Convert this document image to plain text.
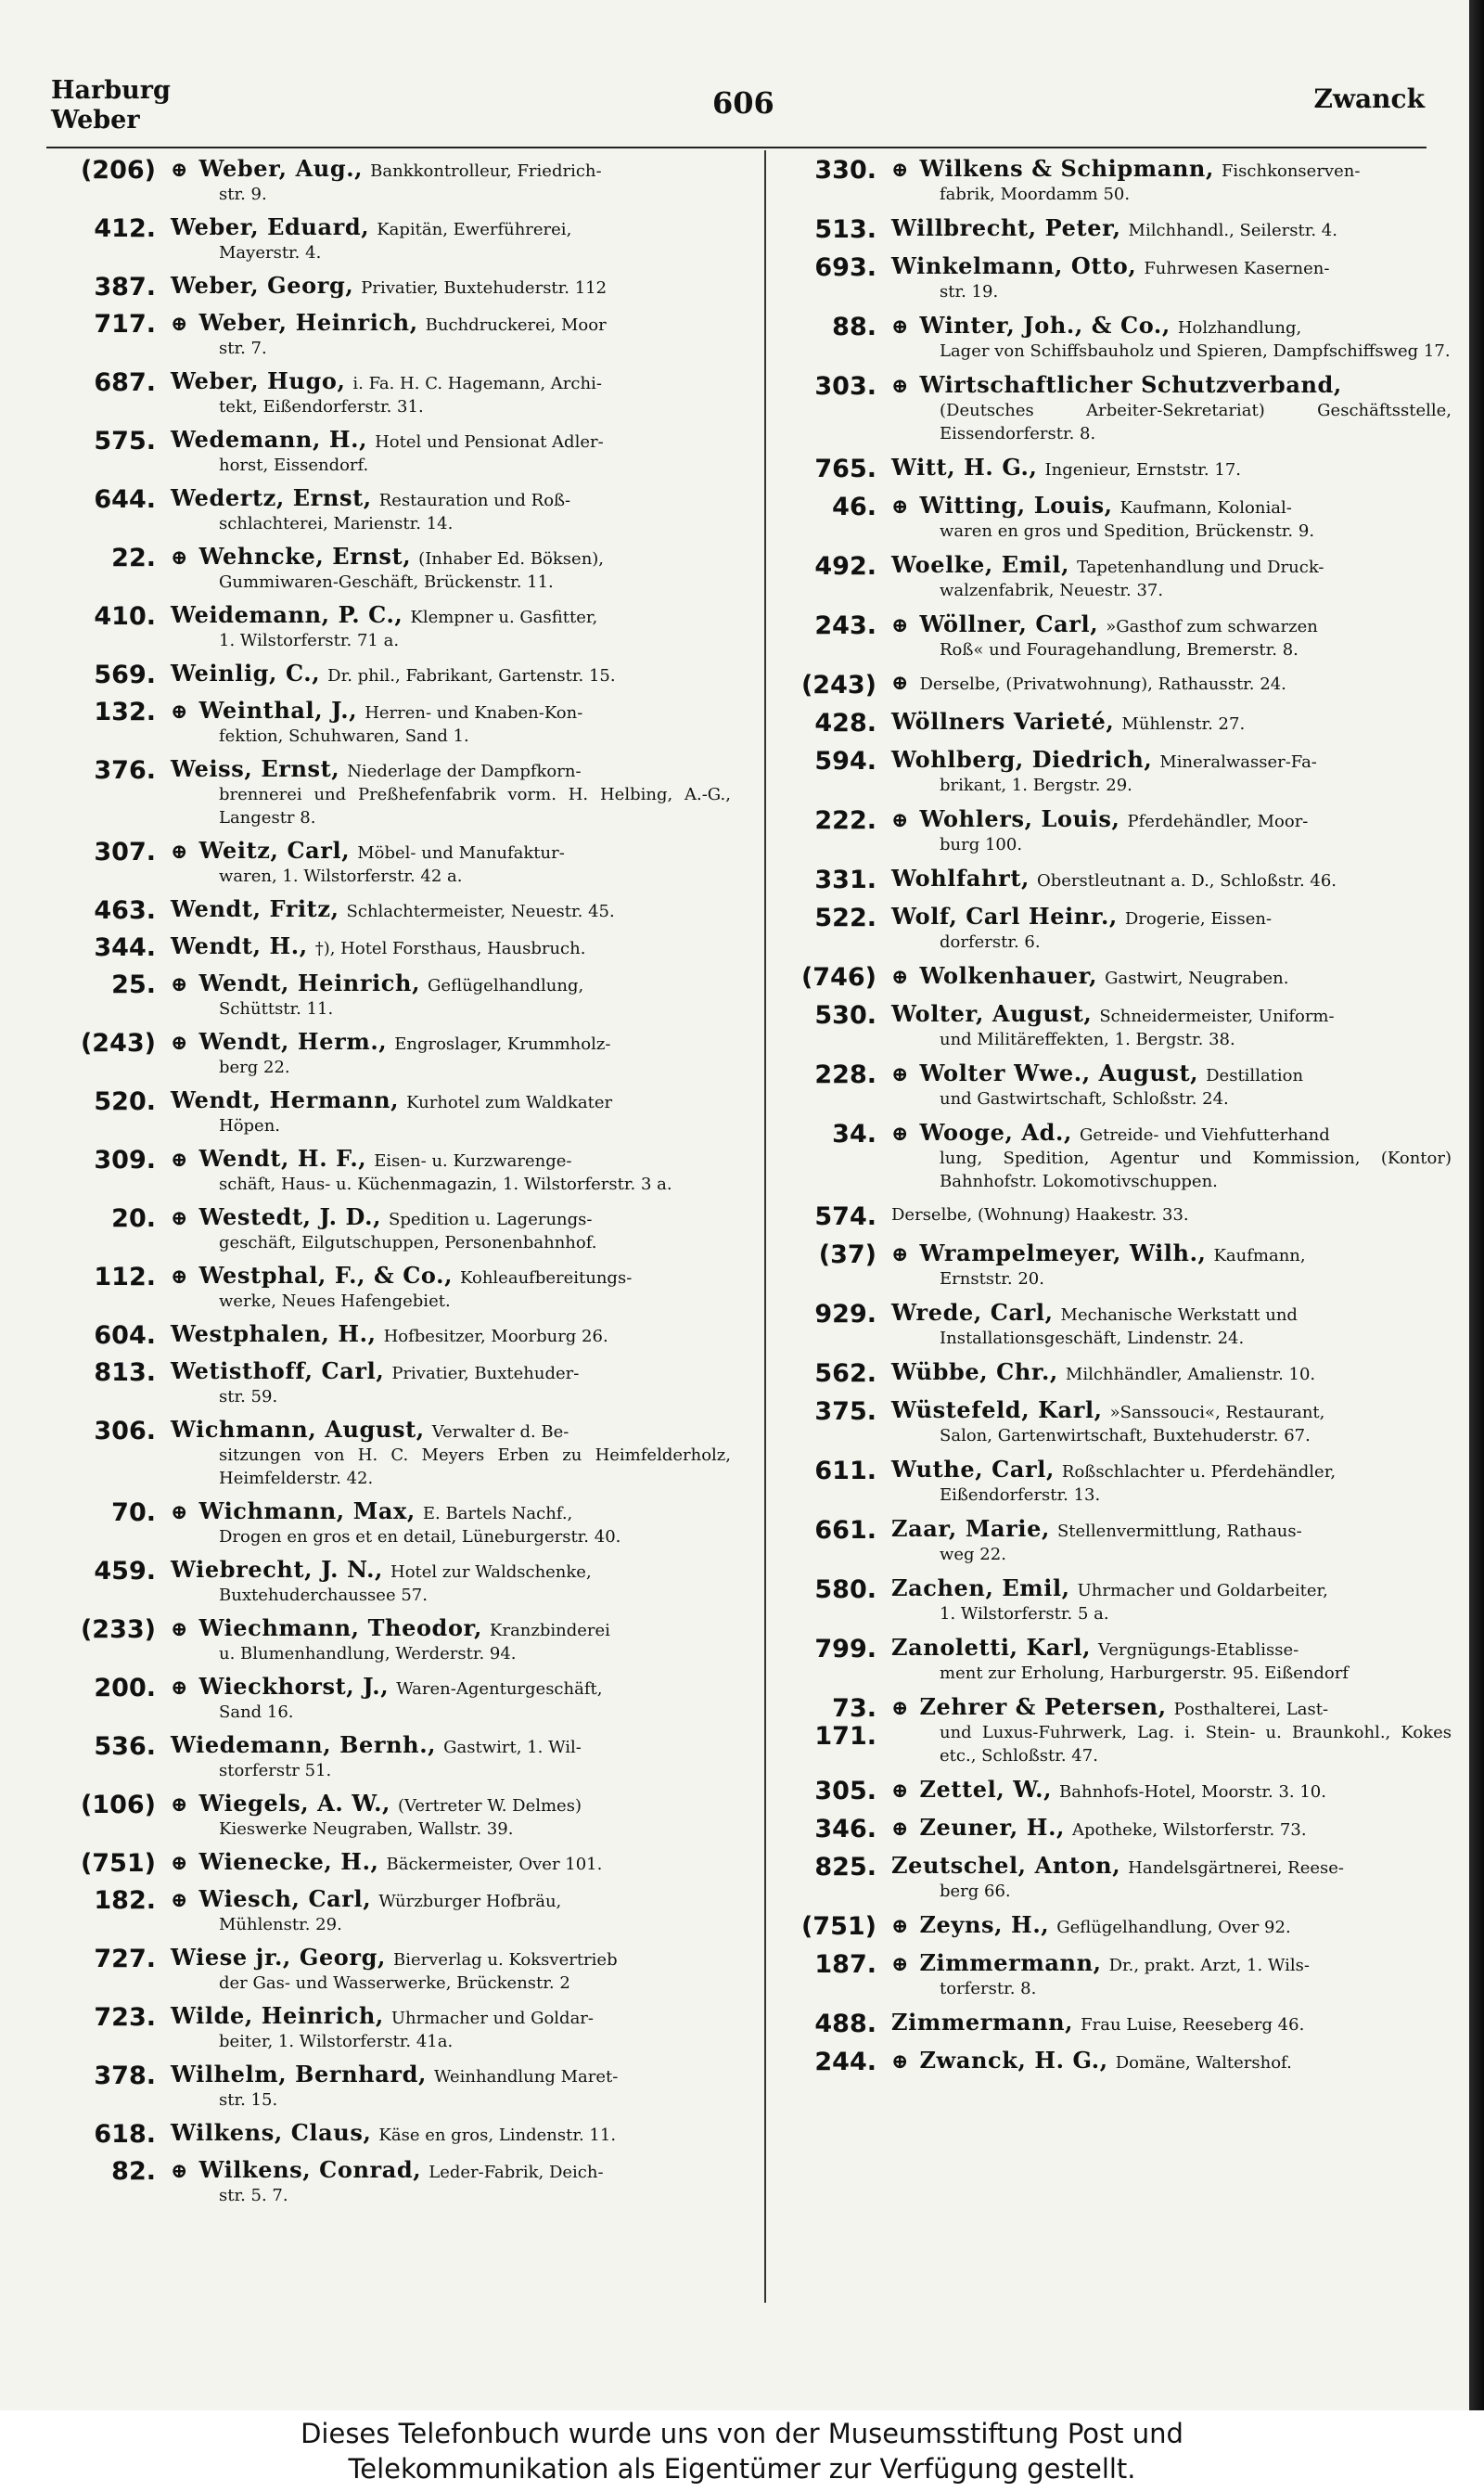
Harburg
Weber	606	Zwanck
(206) ⊕ Weber, Aug., Bankkontrolleur, Friedrich-
str. 9.
412. Weber, Eduard, Kapitän, Ewerführerei,
Mayerstr. 4.
387. Weber, Georg, Privatier, Buxtehuderstr. 112
717. ⊕ Weber, Heinrich, Buchdruckerei, Moor
str. 7.
687. Weber, Hugo, i. Fa. H. C. Hagemann, Archi-
tekt, Eißendorferstr. 31.
575. Wedemann, H., Hotel und Pensionat Adler-
horst, Eissendorf.
644. Wedertz, Ernst, Restauration und Roß-
schlachterei, Marienstr. 14.
22. ⊕ Wehncke, Ernst, (Inhaber Ed. Böksen),
Gummiwaren-Geschäft, Brückenstr. 11.
410. Weidemann, P. C., Klempner u. Gasfitter,
1. Wilstorferstr. 71 a.
569. Weinlig, C., Dr. phil., Fabrikant, Gartenstr. 15.
132. ⊕ Weinthal, J., Herren- und Knaben-Kon-
fektion, Schuhwaren, Sand 1.
376. Weiss, Ernst, Niederlage der Dampfkorn-
brennerei und Preßhefenfabrik vorm. H. Helbing, A.-G., Langestr 8.
307. ⊕ Weitz, Carl, Möbel- und Manufaktur-
waren, 1. Wilstorferstr. 42 a.
463. Wendt, Fritz, Schlachtermeister, Neuestr. 45.
344. Wendt, H., †), Hotel Forsthaus, Hausbruch.
25. ⊕ Wendt, Heinrich, Geflügelhandlung,
Schüttstr. 11.
(243) ⊕ Wendt, Herm., Engroslager, Krummholz-
berg 22.
520. Wendt, Hermann, Kurhotel zum Waldkater
Höpen.
309. ⊕ Wendt, H. F., Eisen- u. Kurzwarenge-
schäft, Haus- u. Küchenmagazin, 1. Wilstorferstr. 3 a.
20. ⊕ Westedt, J. D., Spedition u. Lagerungs-
geschäft, Eilgutschuppen, Personenbahnhof.
112. ⊕ Westphal, F., & Co., Kohleaufbereitungs-
werke, Neues Hafengebiet.
604. Westphalen, H., Hofbesitzer, Moorburg 26.
813. Wetisthoff, Carl, Privatier, Buxtehuder-
str. 59.
306. Wichmann, August, Verwalter d. Be-
sitzungen von H. C. Meyers Erben zu Heimfelderholz, Heimfelderstr. 42.
70. ⊕ Wichmann, Max, E. Bartels Nachf.,
Drogen en gros et en detail, Lüneburgerstr. 40.
459. Wiebrecht, J. N., Hotel zur Waldschenke,
Buxtehuderchaussee 57.
(233) ⊕ Wiechmann, Theodor, Kranzbinderei
u. Blumenhandlung, Werderstr. 94.
200. ⊕ Wieckhorst, J., Waren-Agenturgeschäft,
Sand 16.
536. Wiedemann, Bernh., Gastwirt, 1. Wil-
storferstr 51.
(106) ⊕ Wiegels, A. W., (Vertreter W. Delmes)
Kieswerke Neugraben, Wallstr. 39.
(751) ⊕ Wienecke, H., Bäckermeister, Over 101.
182. ⊕ Wiesch, Carl, Würzburger Hofbräu,
Mühlenstr. 29.
727. Wiese jr., Georg, Bierverlag u. Koksvertrieb
der Gas- und Wasserwerke, Brückenstr. 2
723. Wilde, Heinrich, Uhrmacher und Goldar-
beiter, 1. Wilstorferstr. 41a.
378. Wilhelm, Bernhard, Weinhandlung Maret-
str. 15.
618. Wilkens, Claus, Käse en gros, Lindenstr. 11.
82. ⊕ Wilkens, Conrad, Leder-Fabrik, Deich-
str. 5. 7.
330. ⊕ Wilkens & Schipmann, Fischkonserven-
fabrik, Moordamm 50.
513. Willbrecht, Peter, Milchhandl., Seilerstr. 4.
693. Winkelmann, Otto, Fuhrwesen Kasernen-
str. 19.
88. ⊕ Winter, Joh., & Co., Holzhandlung,
Lager von Schiffsbauholz und Spieren, Dampfschiffsweg 17.
303. ⊕ Wirtschaftlicher Schutzverband,
(Deutsches Arbeiter-Sekretariat) Geschäftsstelle, Eissendorferstr. 8.
765. Witt, H. G., Ingenieur, Ernststr. 17.
46. ⊕ Witting, Louis, Kaufmann, Kolonial-
waren en gros und Spedition, Brückenstr. 9.
492. Woelke, Emil, Tapetenhandlung und Druck-
walzenfabrik, Neuestr. 37.
243. ⊕ Wöllner, Carl, »Gasthof zum schwarzen
Roß« und Fouragehandlung, Bremerstr. 8.
(243) ⊕ Derselbe, (Privatwohnung), Rathausstr. 24.
428. Wöllners Varieté, Mühlenstr. 27.
594. Wohlberg, Diedrich, Mineralwasser-Fa-
brikant, 1. Bergstr. 29.
222. ⊕ Wohlers, Louis, Pferdehändler, Moor-
burg 100.
331. Wohlfahrt, Oberstleutnant a. D., Schloßstr. 46.
522. Wolf, Carl Heinr., Drogerie, Eissen-
dorferstr. 6.
(746) ⊕ Wolkenhauer, Gastwirt, Neugraben.
530. Wolter, August, Schneidermeister, Uniform-
und Militäreffekten, 1. Bergstr. 38.
228. ⊕ Wolter Wwe., August, Destillation
und Gastwirtschaft, Schloßstr. 24.
34. ⊕ Wooge, Ad., Getreide- und Viehfutterhand
lung, Spedition, Agentur und Kommission, (Kontor) Bahnhofstr. Lokomotivschuppen.
574. Derselbe, (Wohnung) Haakestr. 33.
(37) ⊕ Wrampelmeyer, Wilh., Kaufmann,
Ernststr. 20.
929. Wrede, Carl, Mechanische Werkstatt und
Installationsgeschäft, Lindenstr. 24.
562. Wübbe, Chr., Milchhändler, Amalienstr. 10.
375. Wüstefeld, Karl, »Sanssouci«, Restaurant,
Salon, Gartenwirtschaft, Buxtehuderstr. 67.
611. Wuthe, Carl, Roßschlachter u. Pferdehändler,
Eißendorferstr. 13.
661. Zaar, Marie, Stellenvermittlung, Rathaus-
weg 22.
580. Zachen, Emil, Uhrmacher und Goldarbeiter,
1. Wilstorferstr. 5 a.
799. Zanoletti, Karl, Vergnügungs-Etablisse-
ment zur Erholung, Harburgerstr. 95. Eißendorf
73. 171.
⊕ Zehrer & Petersen, Posthalterei, Last-
und Luxus-Fuhrwerk, Lag. i. Stein- u. Braunkohl., Kokes etc., Schloßstr. 47.
305. ⊕ Zettel, W., Bahnhofs-Hotel, Moorstr. 3. 10.
346. ⊕ Zeuner, H., Apotheke, Wilstorferstr. 73.
825. Zeutschel, Anton, Handelsgärtnerei, Reese-
berg 66.
(751) ⊕ Zeyns, H., Geflügelhandlung, Over 92.
187. ⊕ Zimmermann, Dr., prakt. Arzt, 1. Wils-
torferstr. 8.
488. Zimmermann, Frau Luise, Reeseberg 46.
244. ⊕ Zwanck, H. G., Domäne, Waltershof.
Dieses Telefonbuch wurde uns von der Museumsstiftung Post und
Telekommunikation als Eigentümer zur Verfügung gestellt.
